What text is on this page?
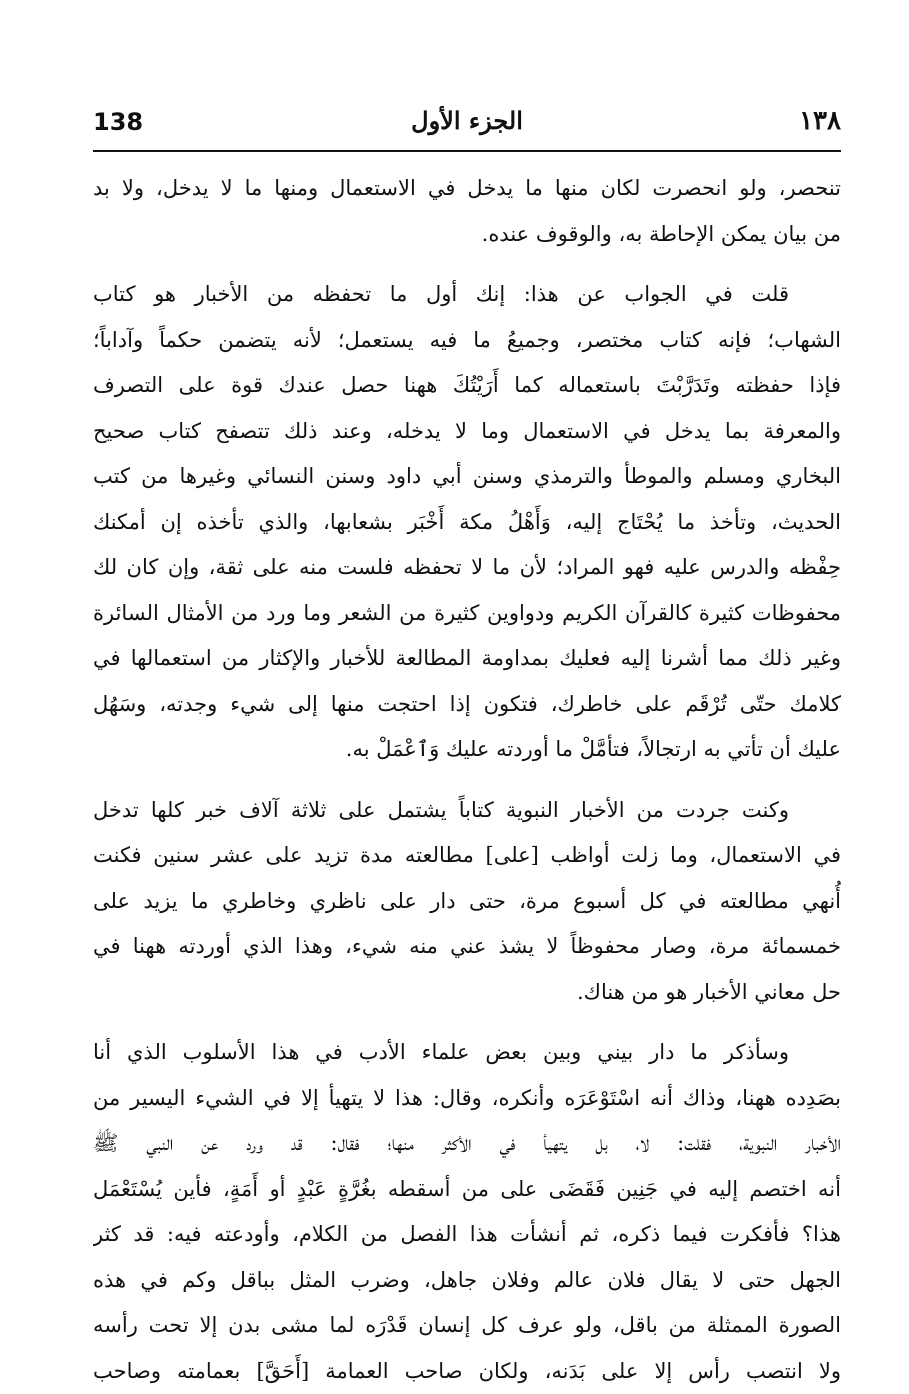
138	الجزء الأول	١٣٨
تنحصر، ولو انحصرت لكان منها ما يدخل في الاستعمال ومنها ما لا يدخل، ولا بد
من بيان يمكن الإحاطة به، والوقوف عنده.
قلت في الجواب عن هذا: إنك أول ما تحفظه من الأخبار هو كتاب
الشهاب؛ فإنه كتاب مختصر، وجميعُ ما فيه يستعمل؛ لأنه يتضمن حكماً وآداباً؛
فإذا حفظته وتَدَرَّبْتَ باستعماله كما أَرَيْتُكَ ههنا حصل عندك قوة على التصرف
والمعرفة بما يدخل في الاستعمال وما لا يدخله، وعند ذلك تتصفح كتاب صحيح
البخاري ومسلم والموطأ والترمذي وسنن أبي داود وسنن النسائي وغيرها من كتب
الحديث، وتأخذ ما يُحْتَاج إليه، وَأَهْلُ مكة أَخْبَر بشعابها، والذي تأخذه إن أمكنك
حِفْظه والدرس عليه فهو المراد؛ لأن ما لا تحفظه فلست منه على ثقة، وإن كان لك
محفوظات كثيرة كالقرآن الكريم ودواوين كثيرة من الشعر وما ورد من الأمثال السائرة
وغير ذلك مما أشرنا إليه فعليك بمداومة المطالعة للأخبار والإكثار من استعمالها في
كلامك حتّى تُرْقَم على خاطرك، فتكون إذا احتجت منها إلى شيء وجدته، وسَهُل
عليك أن تأتي به ارتجالاً، فتأمَّلْ ما أوردته عليك وَٱعْمَلْ به.
وكنت جردت من الأخبار النبوية كتاباً يشتمل على ثلاثة آلاف خبر كلها تدخل
في الاستعمال، وما زلت أواظب [على] مطالعته مدة تزيد على عشر سنين فكنت
أُنهي مطالعته في كل أسبوع مرة، حتى دار على ناظري وخاطري ما يزيد على
خمسمائة مرة، وصار محفوظاً لا يشذ عني منه شيء، وهذا الذي أوردته ههنا في
حل معاني الأخبار هو من هناك.
وسأذكر ما دار بيني وبين بعض علماء الأدب في هذا الأسلوب الذي أنا
بصَدِده ههنا، وذاك أنه اسْتَوْعَرَه وأنكره، وقال: هذا لا يتهيأ إلا في الشيء اليسير من
الأخبار النبوية، فقلت: لا، بل يتهيأ في الأكثر منها؛ فقال: قد ورد عن النبي ﷺ
أنه اختصم إليه في جَنِين فَقَضَى على من أسقطه بغُرَّةٍ عَبْدٍ أو أَمَةٍ، فأين يُسْتَعْمَل
هذا؟ فأفكرت فيما ذكره، ثم أنشأت هذا الفصل من الكلام، وأودعته فيه: قد كثر
الجهل حتى لا يقال فلان عالم وفلان جاهل، وضرب المثل بباقل وكم في هذه
الصورة الممثلة من باقل، ولو عرف كل إنسان قَدْرَه لما مشى بدن إلا تحت رأسه
ولا انتصب رأس إلا على بَدَنه، ولكان صاحب العمامة [أَحَقَّ] بعمامته وصاحب
